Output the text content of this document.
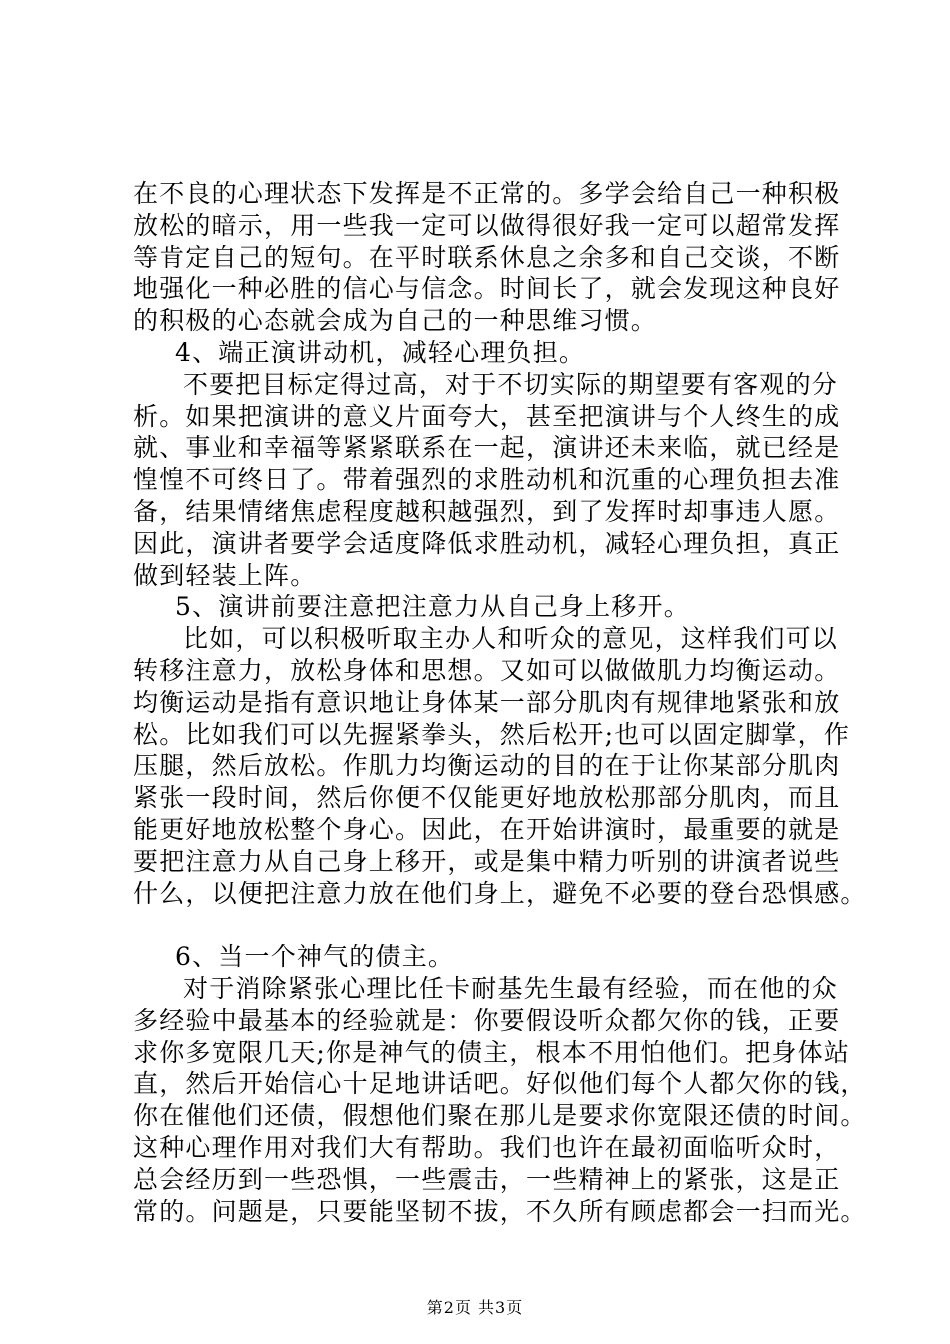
在不良的心理状态下发挥是不正常的。多学会给自己一种积极
放松的暗示，用一些我一定可以做得很好我一定可以超常发挥
等肯定自己的短句。在平时联系休息之余多和自己交谈，不断
地强化一种必胜的信心与信念。时间长了，就会发现这种良好
的积极的心态就会成为自己的一种思维习惯。
4、端正演讲动机，减轻心理负担。
不要把目标定得过高，对于不切实际的期望要有客观的分
析。如果把演讲的意义片面夸大，甚至把演讲与个人终生的成
就、事业和幸福等紧紧联系在一起，演讲还未来临，就已经是
惶惶不可终日了。带着强烈的求胜动机和沉重的心理负担去准
备，结果情绪焦虑程度越积越强烈，到了发挥时却事违人愿。
因此，演讲者要学会适度降低求胜动机，减轻心理负担，真正
做到轻装上阵。
5、演讲前要注意把注意力从自己身上移开。
比如，可以积极听取主办人和听众的意见，这样我们可以
转移注意力，放松身体和思想。又如可以做做肌力均衡运动。
均衡运动是指有意识地让身体某一部分肌肉有规律地紧张和放
松。比如我们可以先握紧拳头，然后松开;也可以固定脚掌，作
压腿，然后放松。作肌力均衡运动的目的在于让你某部分肌肉
紧张一段时间，然后你便不仅能更好地放松那部分肌肉，而且
能更好地放松整个身心。因此，在开始讲演时，最重要的就是
要把注意力从自己身上移开，或是集中精力听别的讲演者说些
什么，以便把注意力放在他们身上，避免不必要的登台恐惧感。
6、当一个神气的债主。
对于消除紧张心理比任卡耐基先生最有经验，而在他的众
多经验中最基本的经验就是：你要假设听众都欠你的钱，正要
求你多宽限几天;你是神气的债主，根本不用怕他们。把身体站
直，然后开始信心十足地讲话吧。好似他们每个人都欠你的钱，
你在催他们还债，假想他们聚在那儿是要求你宽限还债的时间。
这种心理作用对我们大有帮助。我们也许在最初面临听众时，
总会经历到一些恐惧，一些震击，一些精神上的紧张，这是正
常的。问题是，只要能坚韧不拔，不久所有顾虑都会一扫而光。
第2页 共3页
